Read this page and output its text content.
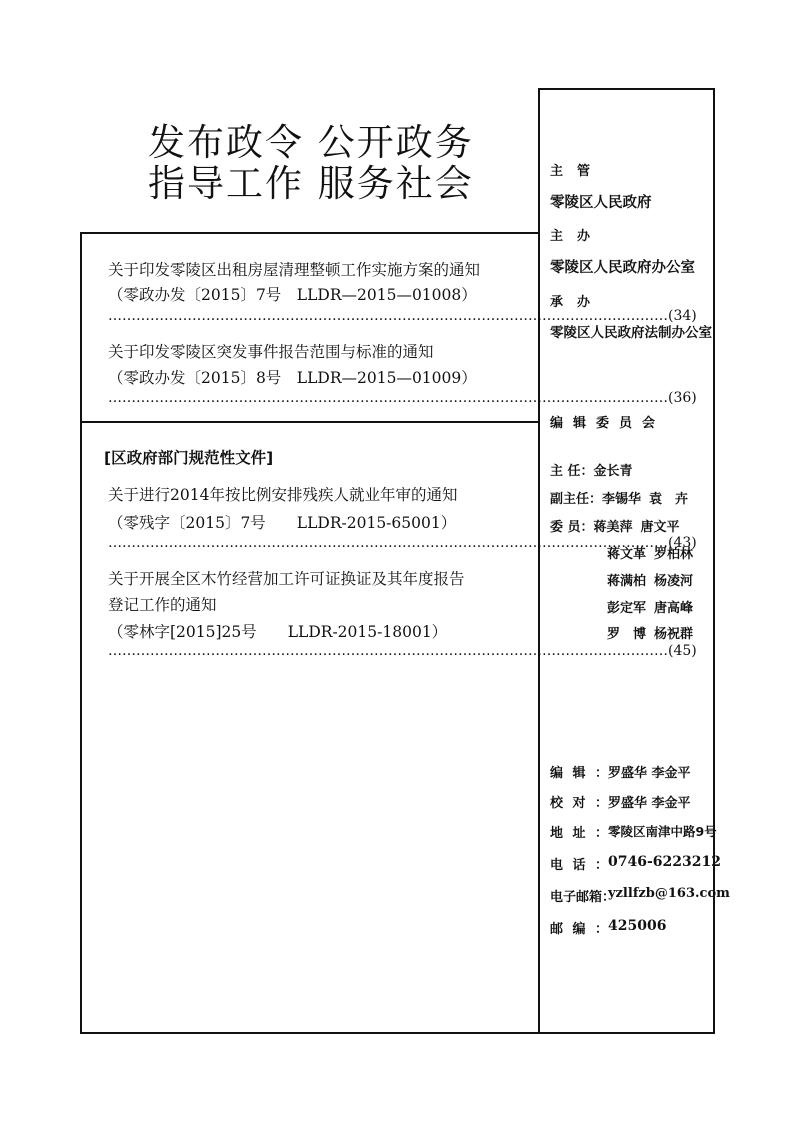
发布政令 公开政务
指导工作 服务社会
关于印发零陵区出租房屋清理整顿工作实施方案的通知
（零政办发〔2015〕7号　LLDR—2015—01008）
………………………………………………………………………………………………………… (34)
关于印发零陵区突发事件报告范围与标准的通知
（零政办发〔2015〕8号　LLDR—2015—01009）
………………………………………………………………………………………………………… (36)
[区政府部门规范性文件]
关于进行2014年按比例安排残疾人就业年审的通知
（零残字〔2015〕7号　　LLDR-2015-65001）
………………………………………………………………………………………………………… (43)
关于开展全区木竹经营加工许可证换证及其年度报告
登记工作的通知
（零林字[2015]25号　　LLDR-2015-18001）
………………………………………………………………………………………………………… (45)
主管
零陵区人民政府
主办
零陵区人民政府办公室
承办
零陵区人民政府法制办公室
编辑委员会
主 任：金长青
副主任：李锡华 袁　卉
委 员：蒋美萍 唐文平
蒋文革 罗柏林
蒋满柏 杨凌河
彭定军 唐高峰
罗　博 杨祝群
编辑： 罗盛华 李金平
校对： 罗盛华 李金平
地址： 零陵区南津中路9号
电话： 0746-6223212
电子邮箱：
yzllfzb@163.com
邮编： 425006
